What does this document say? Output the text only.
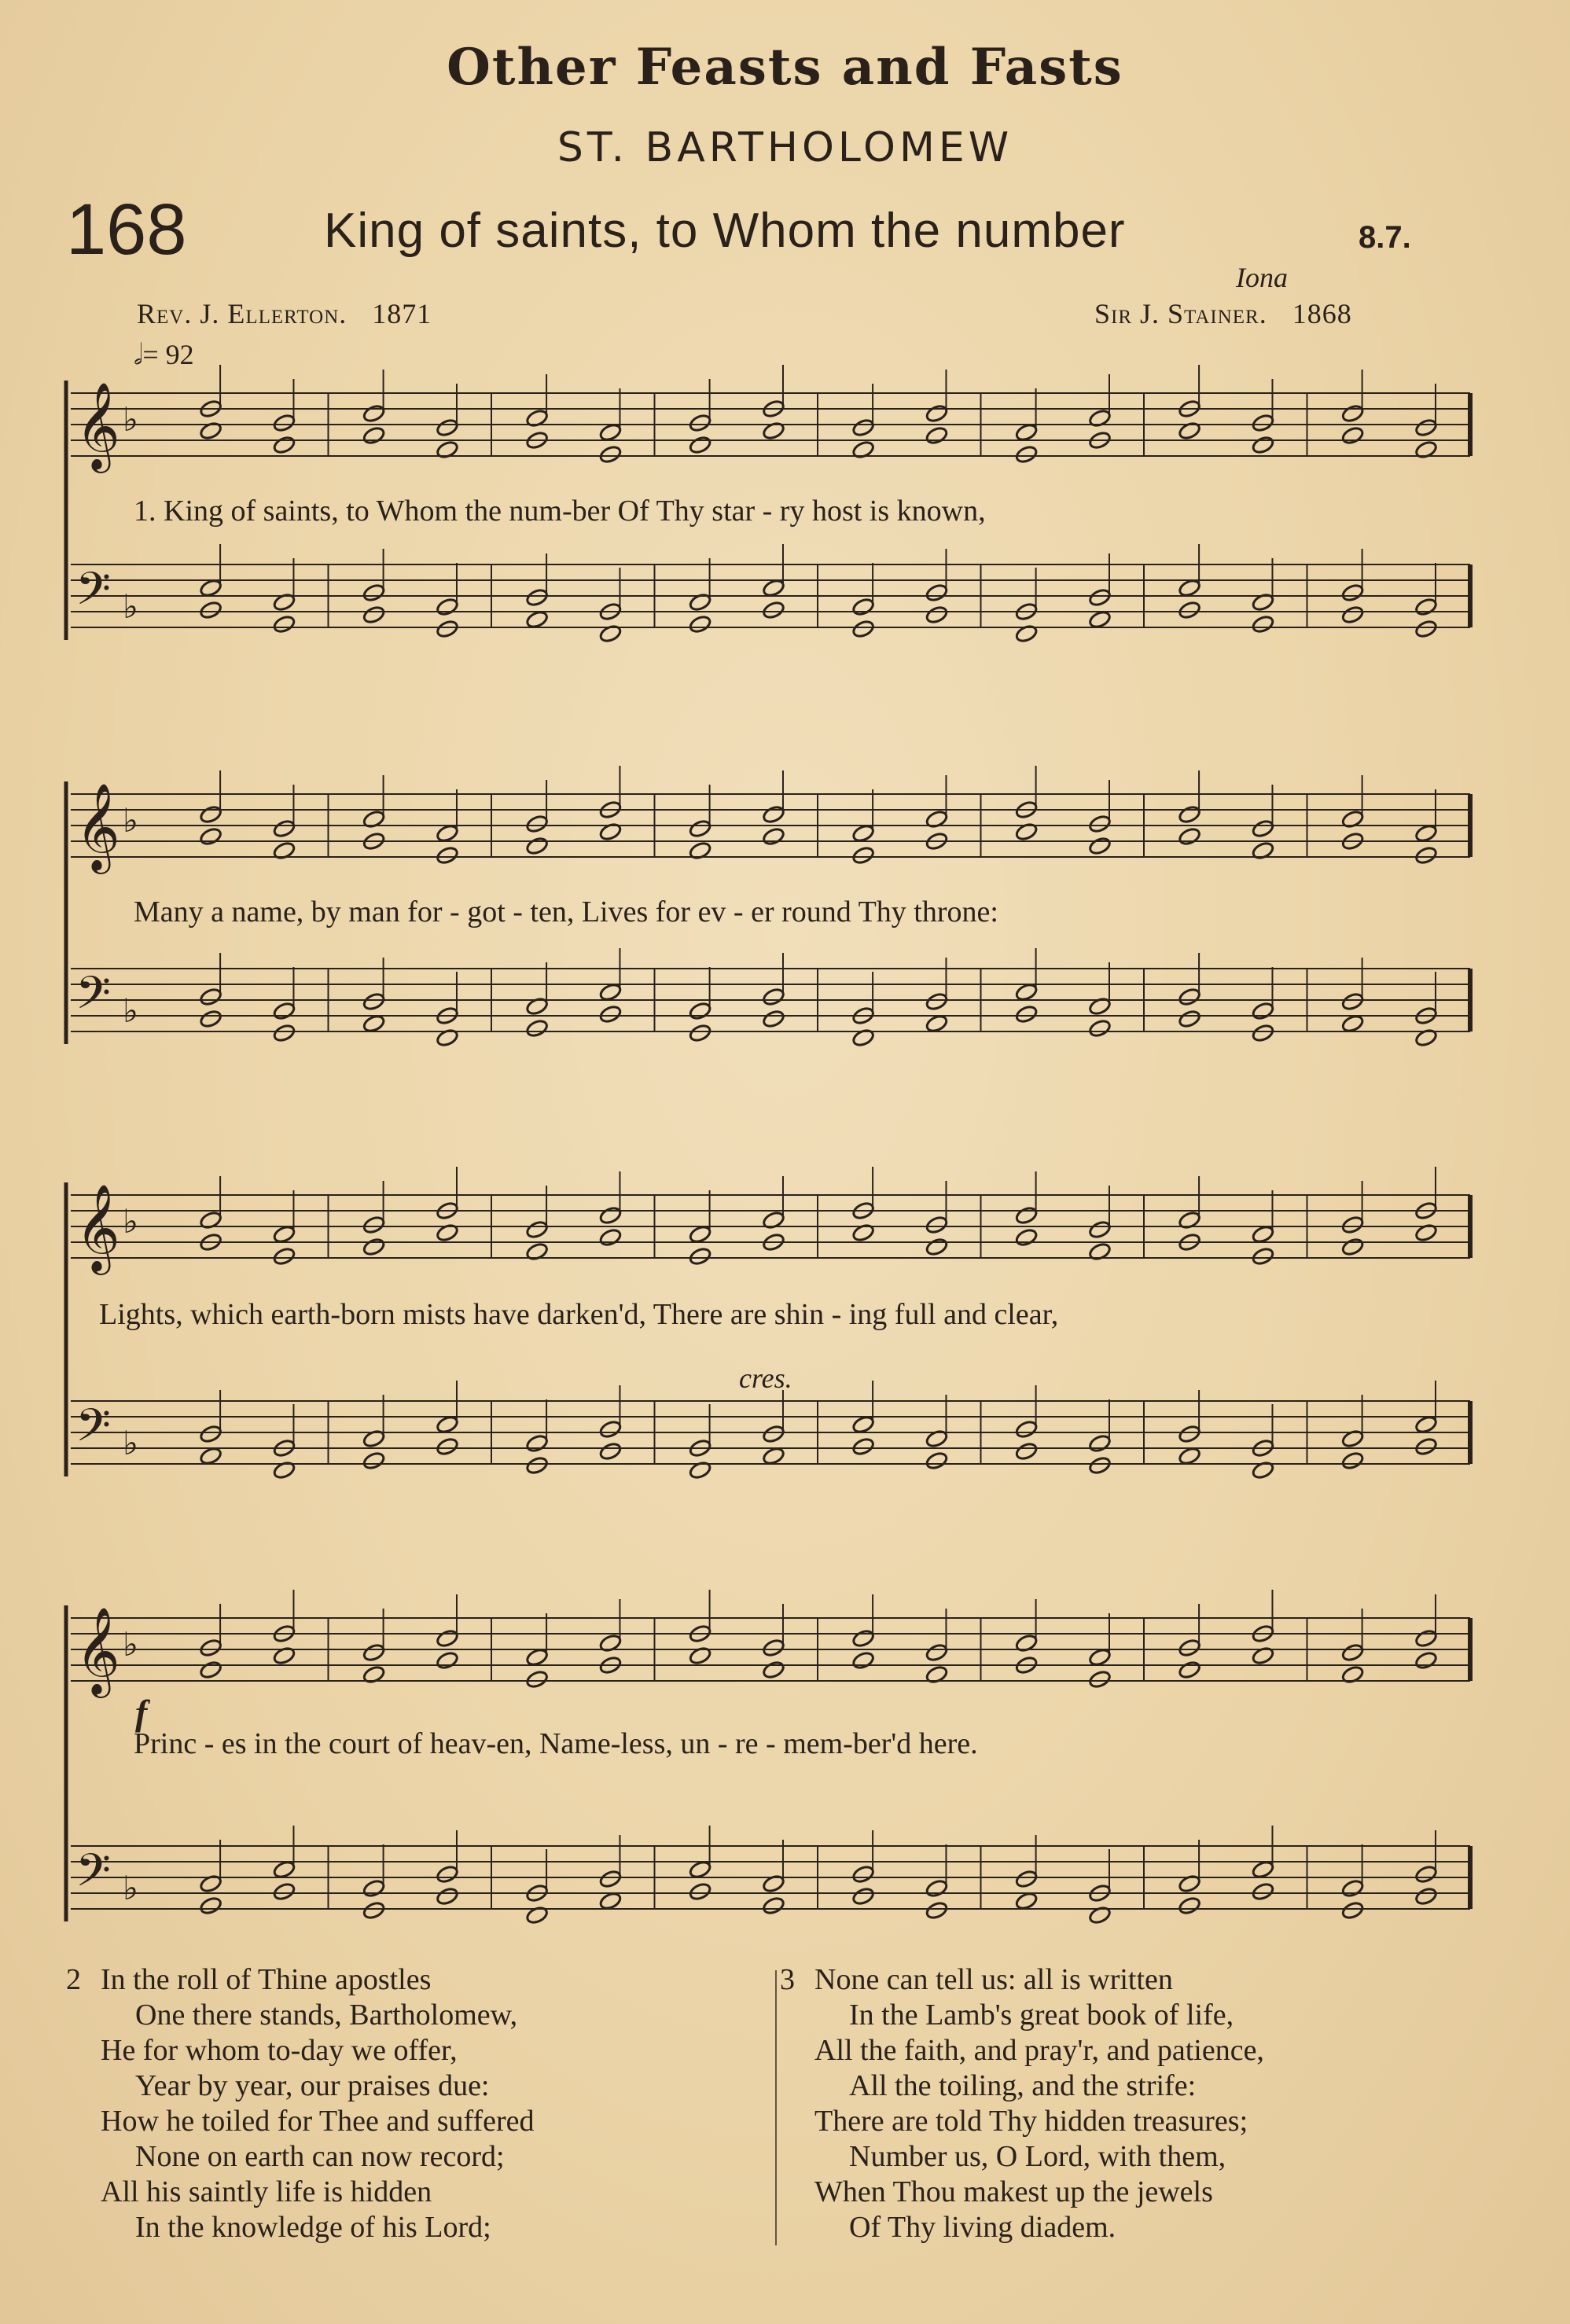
Other Feasts and Fasts
ST. BARTHOLOMEW
168	King of saints, to Whom the number	8.7.
Iona
Rev. J. Ellerton. 1871	Sir J. Stainer. 1868
𝅗𝅥= 92
𝄞 ♭
𝄢 ♭
𝄞 ♭
𝄢 ♭
𝄞 ♭
𝄢 ♭
𝄞 ♭
𝄢 ♭
1. King of saints, to Whom the num-ber Of Thy star - ry host is known,
Many a name, by man for - got - ten, Lives for ev - er round Thy throne:
Lights, which earth-born mists have darken'd, There are shin - ing full and clear,
Princ - es in the court of heav-en, Name-less, un - re - mem-ber'd here.
cres.
f
2 In the roll of Thine apostles
One there stands, Bartholomew,
He for whom to-day we offer,
Year by year, our praises due:
How he toiled for Thee and suffered
None on earth can now record;
All his saintly life is hidden
In the knowledge of his Lord;
3 None can tell us: all is written
In the Lamb's great book of life,
All the faith, and pray'r, and patience,
All the toiling, and the strife:
There are told Thy hidden treasures;
Number us, O Lord, with them,
When Thou makest up the jewels
Of Thy living diadem.
